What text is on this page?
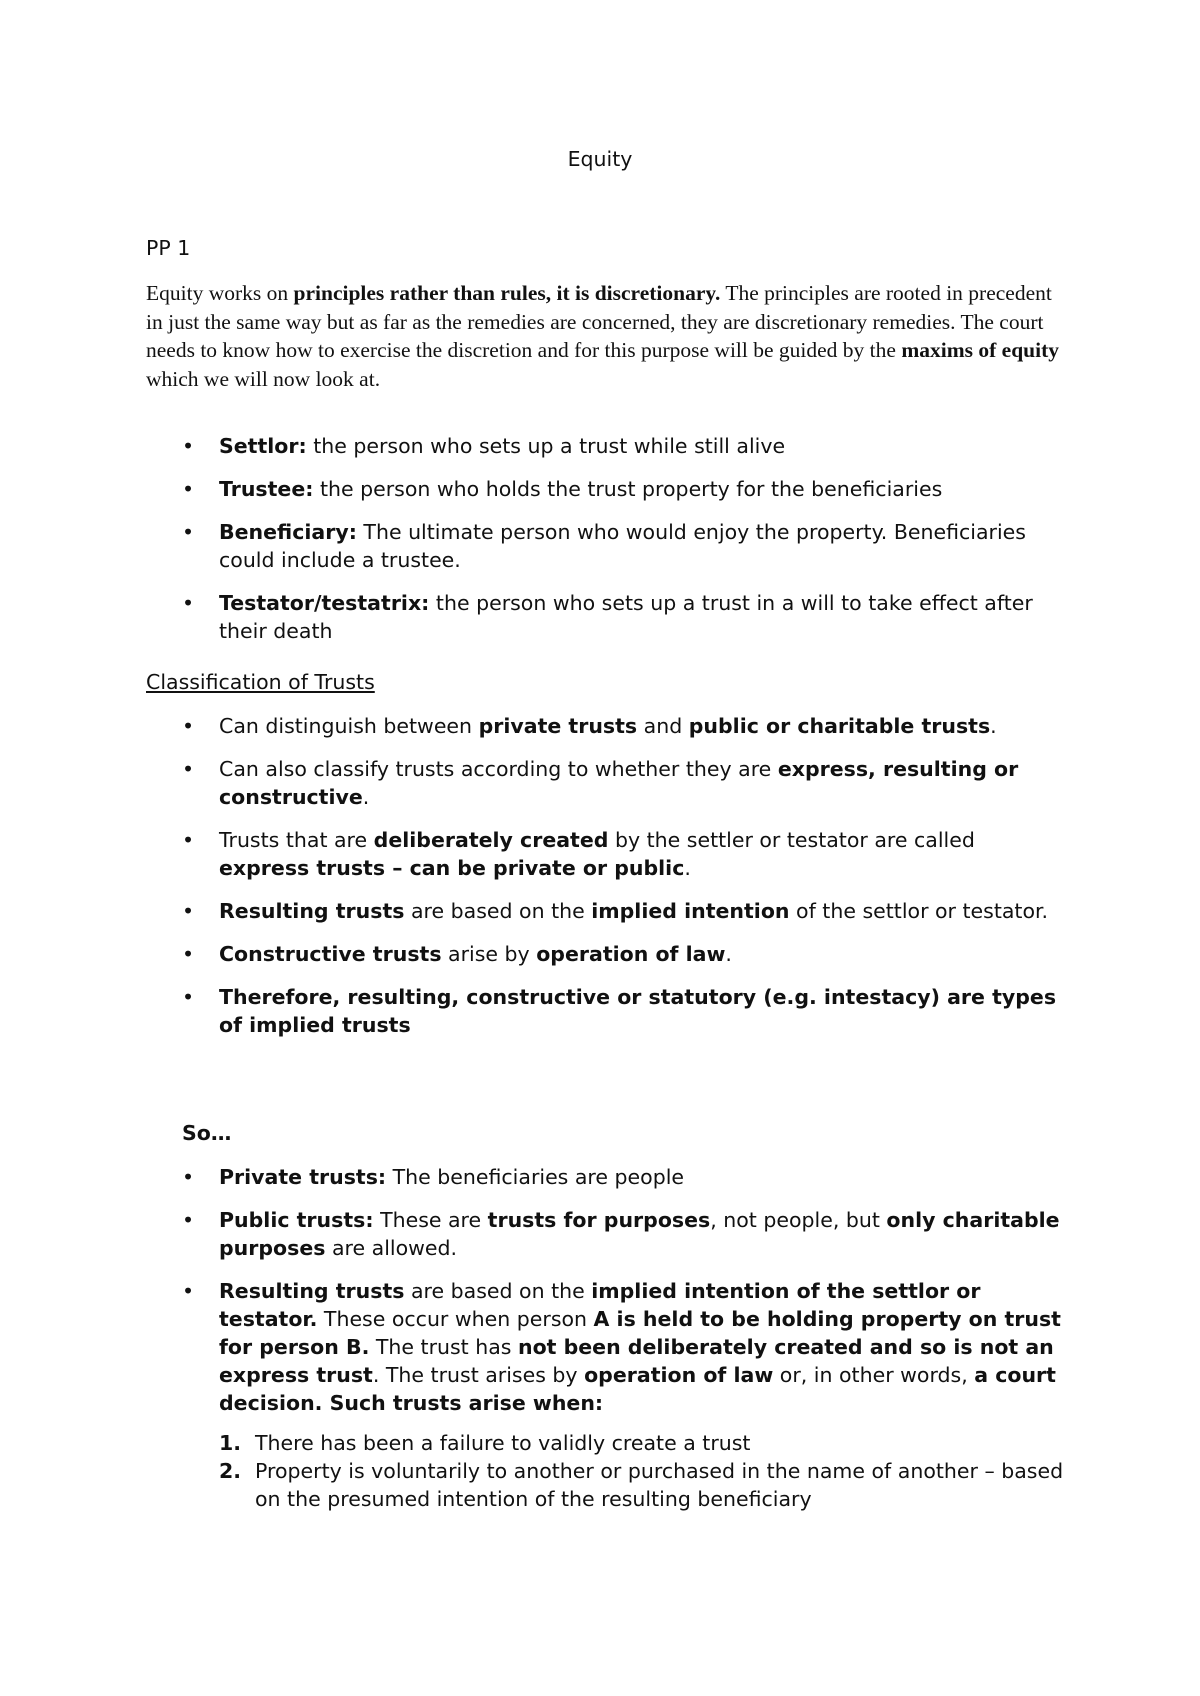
Equity
PP 1

Equity works on principles rather than rules, it is discretionary. The principles are rooted in precedent in just the same way but as far as the remedies are concerned, they are discretionary remedies. The court needs to know how to exercise the discretion and for this purpose will be guided by the maxims of equity which we will now look at.

• Settlor: the person who sets up a trust while still alive
• Trustee: the person who holds the trust property for the beneficiaries
• Beneficiary: The ultimate person who would enjoy the property. Beneficiaries could include a trustee.
• Testator/testatrix: the person who sets up a trust in a will to take effect after their death
Classification of Trusts
• Can distinguish between private trusts and public or charitable trusts.
• Can also classify trusts according to whether they are express, resulting or constructive.
• Trusts that are deliberately created by the settler or testator are called express trusts – can be private or public.
• Resulting trusts are based on the implied intention of the settlor or testator.
• Constructive trusts arise by operation of law.
• Therefore, resulting, constructive or statutory (e.g. intestacy) are types of implied trusts
So…
• Private trusts: The beneficiaries are people
• Public trusts: These are trusts for purposes, not people, but only charitable purposes are allowed.
• Resulting trusts are based on the implied intention of the settlor or testator. These occur when person A is held to be holding property on trust for person B. The trust has not been deliberately created and so is not an express trust. The trust arises by operation of law or, in other words, a court decision. Such trusts arise when:
1. There has been a failure to validly create a trust
2. Property is voluntarily to another or purchased in the name of another – based on the presumed intention of the resulting beneficiary
